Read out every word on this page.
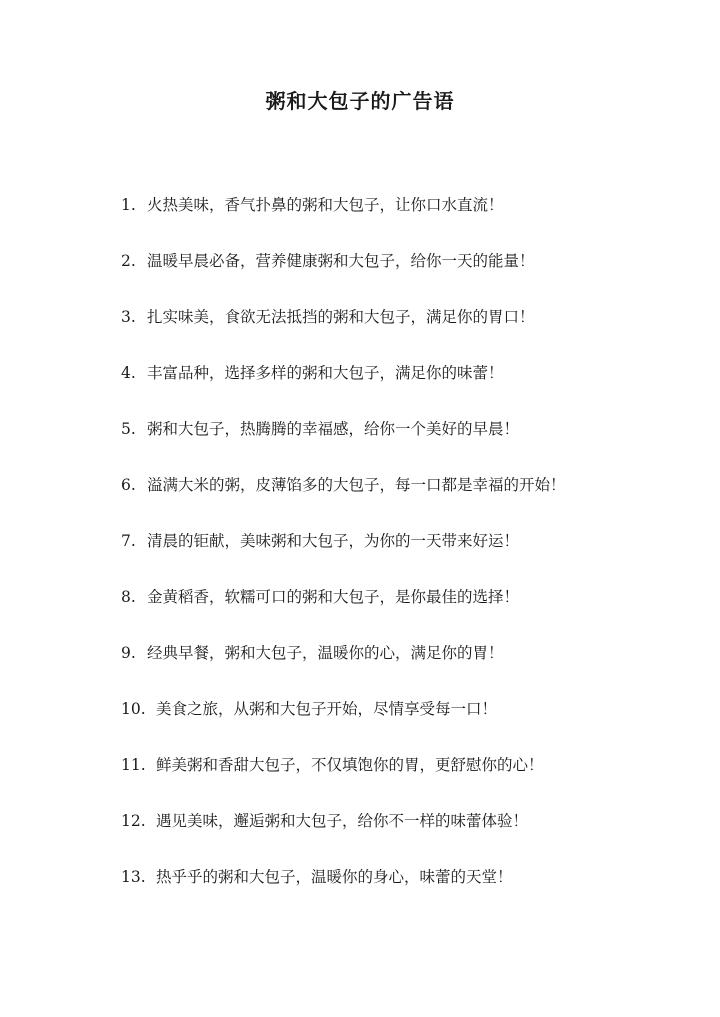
粥和大包子的广告语
1. 火热美味，香气扑鼻的粥和大包子，让你口水直流！
2. 温暖早晨必备，营养健康粥和大包子，给你一天的能量！
3. 扎实味美，食欲无法抵挡的粥和大包子，满足你的胃口！
4. 丰富品种，选择多样的粥和大包子，满足你的味蕾！
5. 粥和大包子，热腾腾的幸福感，给你一个美好的早晨！
6. 溢满大米的粥，皮薄馅多的大包子，每一口都是幸福的开始！
7. 清晨的钜献，美味粥和大包子，为你的一天带来好运！
8. 金黄稻香，软糯可口的粥和大包子，是你最佳的选择！
9. 经典早餐，粥和大包子，温暖你的心，满足你的胃！
10. 美食之旅，从粥和大包子开始，尽情享受每一口！
11. 鲜美粥和香甜大包子，不仅填饱你的胃，更舒慰你的心！
12. 遇见美味，邂逅粥和大包子，给你不一样的味蕾体验！
13. 热乎乎的粥和大包子，温暖你的身心，味蕾的天堂！
